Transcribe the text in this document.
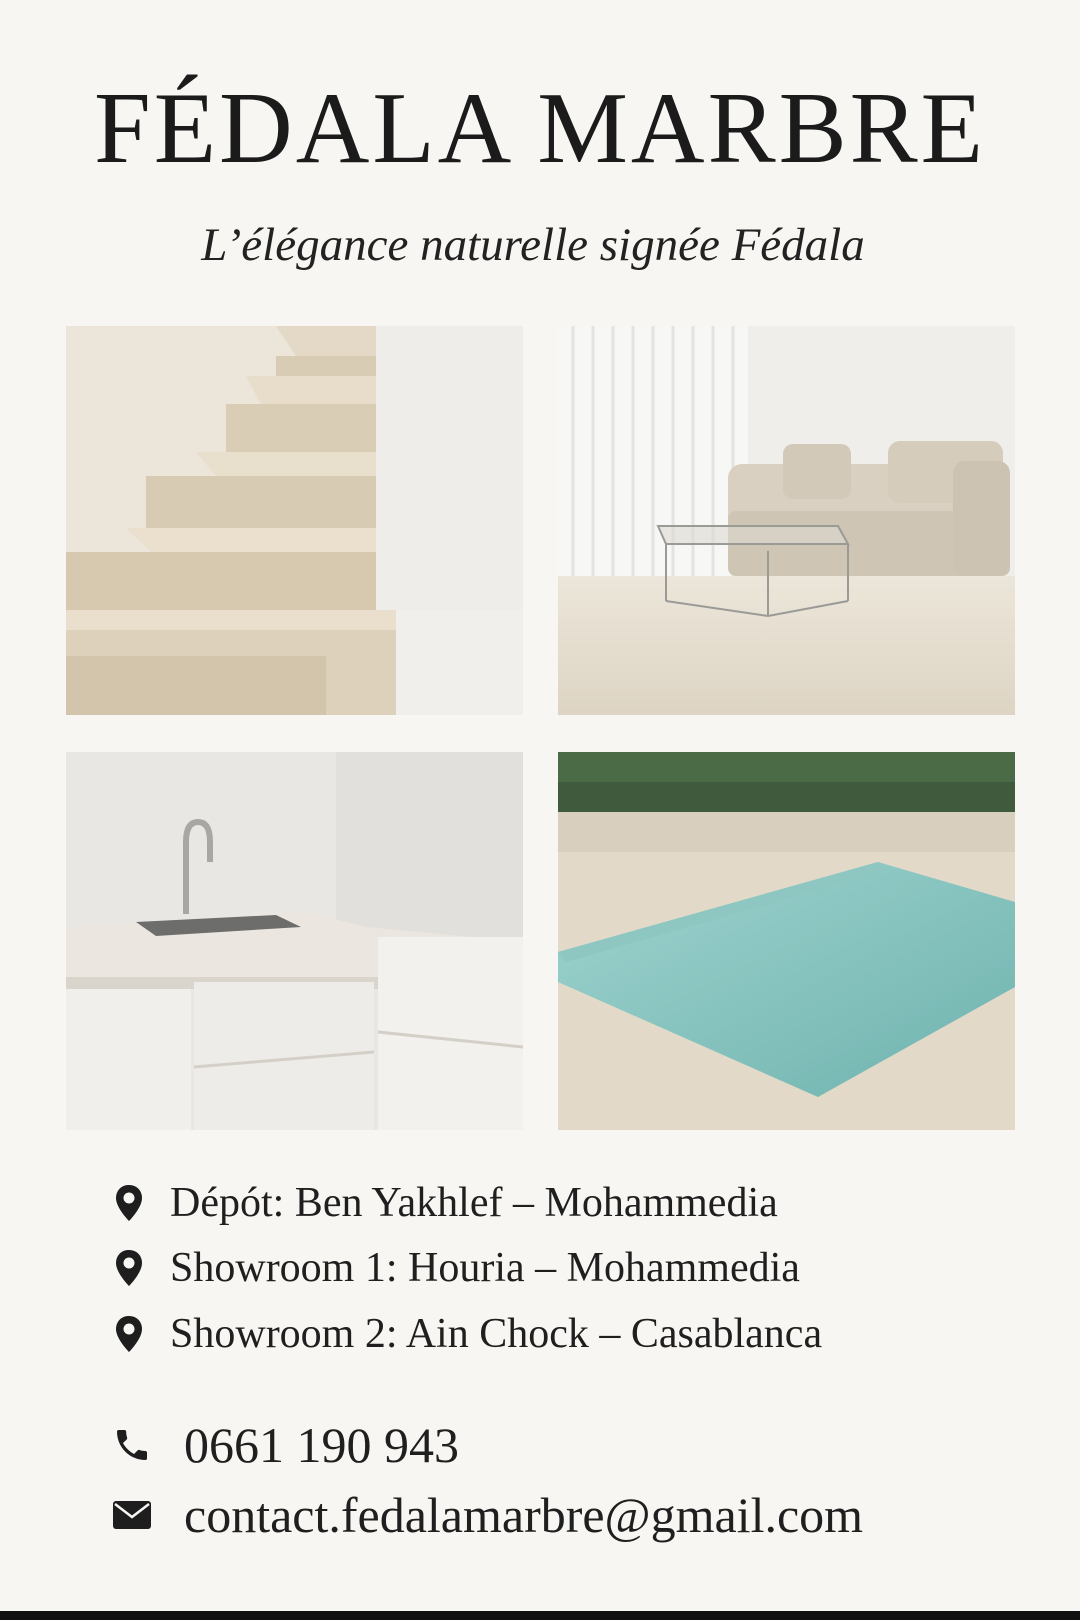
FÉDALA MARBRE
L’élégance naturelle signée Fédala
Dépót: Ben Yakhlef – Mohammedia
Showroom 1: Houria – Mohammedia
Showroom 2: Ain Chock – Casablanca
0661 190 943
contact.fedalamarbre@gmail.com
